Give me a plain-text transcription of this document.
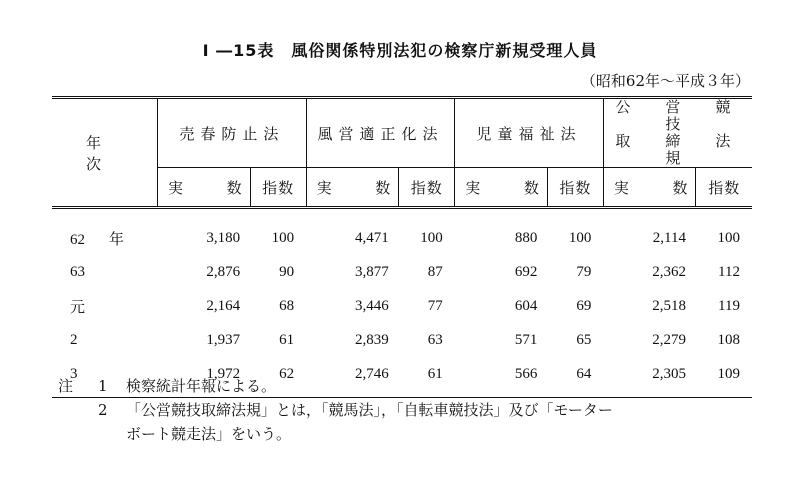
I ―15表　風俗関係特別法犯の検察庁新規受理人員
（昭和62年〜平成３年）
年　次	売春防止法		風営適正化法		児童福祉法		公　営　競　技
取　締　法　規	

	実 数	指数	実 数	指数	実 数	指数	実 数	指数

62 年	3,180	100	4,471	100	880	100	2,114	100
63	2,876	90	3,877	87	692	79	2,362	112
元	2,164	68	3,446	77	604	69	2,518	119
2	1,937	61	2,839	63	571	65	2,279	108
3	1,972	62	2,746	61	566	64	2,305	109
注	1	検察統計年報による。
2	「公営競技取締法規」とは，「競馬法」，「自転車競技法」及び「モーター
ボート競走法」をいう。
